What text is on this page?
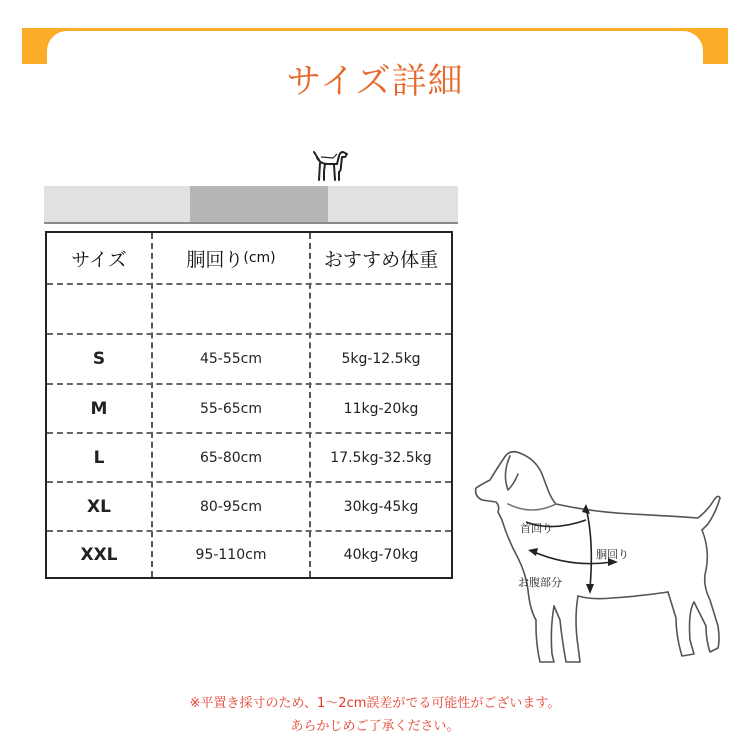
サイズ詳細
サイズ	胴回り (cm)	おすすめ体重
S	45-55cm	5kg-12.5kg
M	55-65cm	11kg-20kg
L	65-80cm	17.5kg-32.5kg
XL	80-95cm	30kg-45kg
XXL	95-110cm	40kg-70kg
首回り
胴回り
お腹部分
※平置き採寸のため、1～2cm誤差がでる可能性がございます。
あらかじめご了承ください。
